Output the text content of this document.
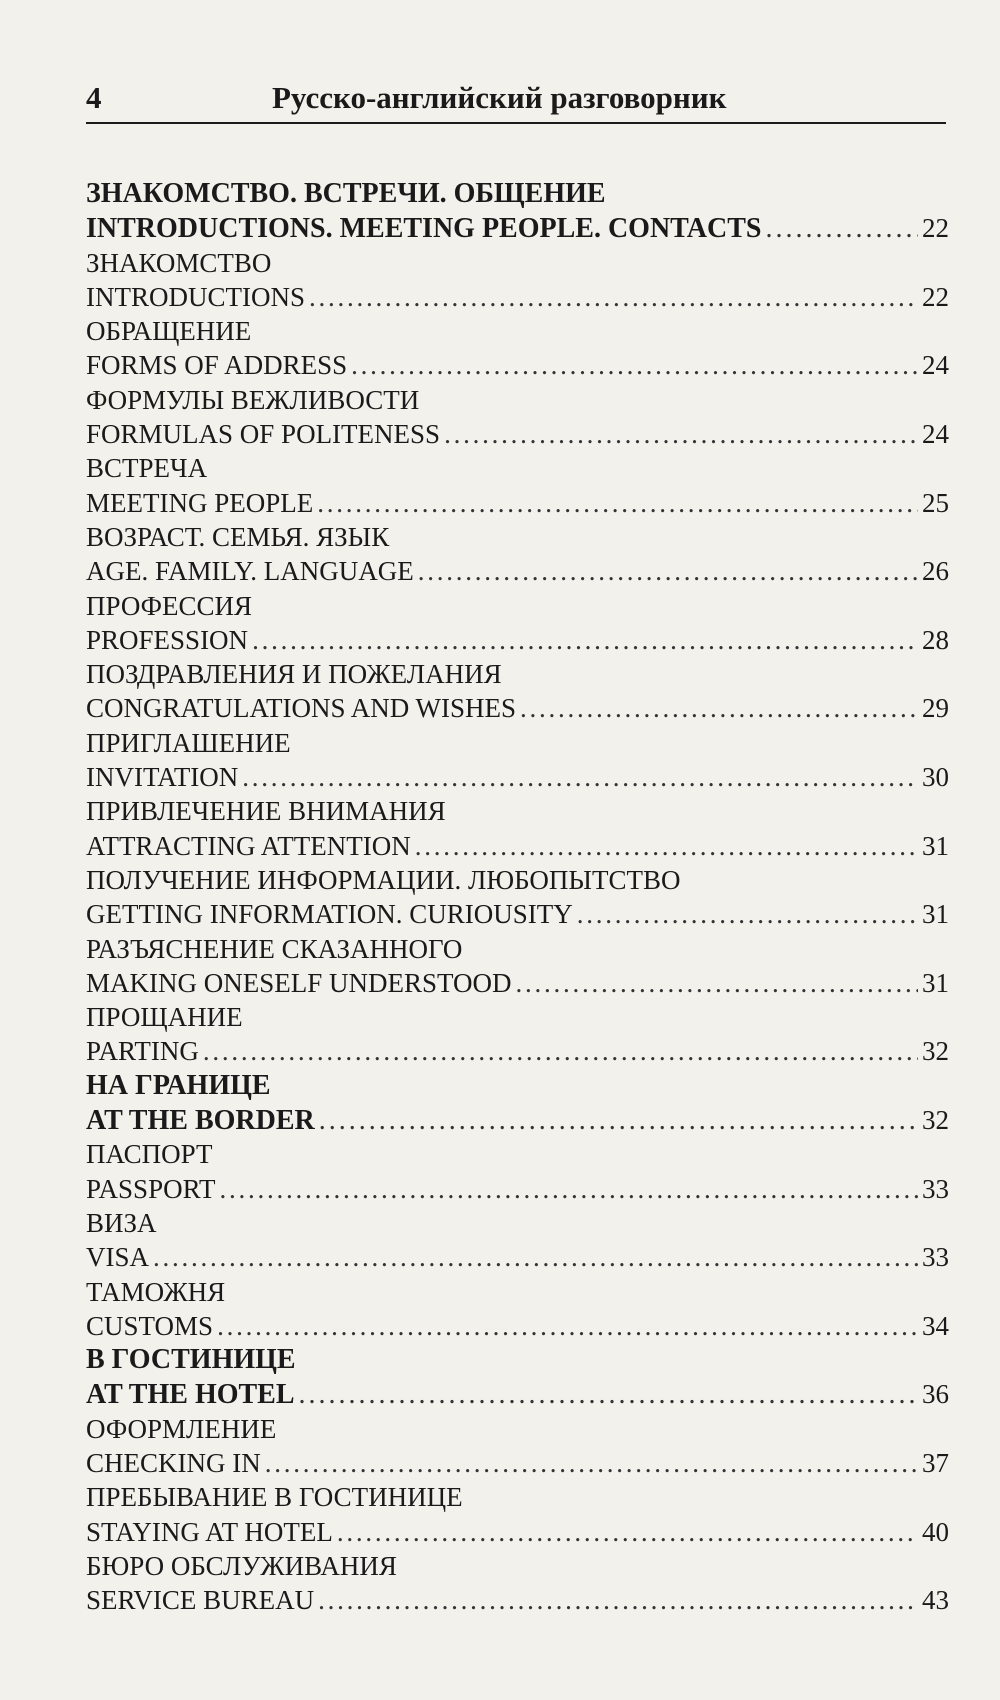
4	Русско-английский разговорник
ЗНАКОМСТВО. ВСТРЕЧИ. ОБЩЕНИЕ
INTRODUCTIONS. MEETING PEOPLE. CONTACTS . . .	22
ЗНАКОМСТВО
INTRODUCTIONS . . .	22
ОБРАЩЕНИЕ
FORMS OF ADDRESS . . .	24
ФОРМУЛЫ ВЕЖЛИВОСТИ
FORMULAS OF POLITENESS . . .	24
ВСТРЕЧА
MEETING PEOPLE . . .	25
ВОЗРАСТ. СЕМЬЯ. ЯЗЫК
AGE. FAMILY. LANGUAGE . . .	26
ПРОФЕССИЯ
PROFESSION . . .	28
ПОЗДРАВЛЕНИЯ И ПОЖЕЛАНИЯ
CONGRATULATIONS AND WISHES . . .	29
ПРИГЛАШЕНИЕ
INVITATION . . .	30
ПРИВЛЕЧЕНИЕ ВНИМАНИЯ
ATTRACTING ATTENTION . . .	31
ПОЛУЧЕНИЕ ИНФОРМАЦИИ. ЛЮБОПЫТСТВО
GETTING INFORMATION. CURIOUSITY . . .	31
РАЗЪЯСНЕНИЕ СКАЗАННОГО
MAKING ONESELF UNDERSTOOD . . .	31
ПРОЩАНИЕ
PARTING . . .	32
НА ГРАНИЦЕ
AT THE BORDER . . .	32
ПАСПОРТ
PASSPORT . . .	33
ВИЗА
VISA . . .	33
ТАМОЖНЯ
CUSTOMS . . .	34
В ГОСТИНИЦЕ
AT THE HOTEL . . .	36
ОФОРМЛЕНИЕ
CHECKING IN . . .	37
ПРЕБЫВАНИЕ В ГОСТИНИЦЕ
STAYING AT HOTEL . . .	40
БЮРО ОБСЛУЖИВАНИЯ
SERVICE BUREAU . . .	43
